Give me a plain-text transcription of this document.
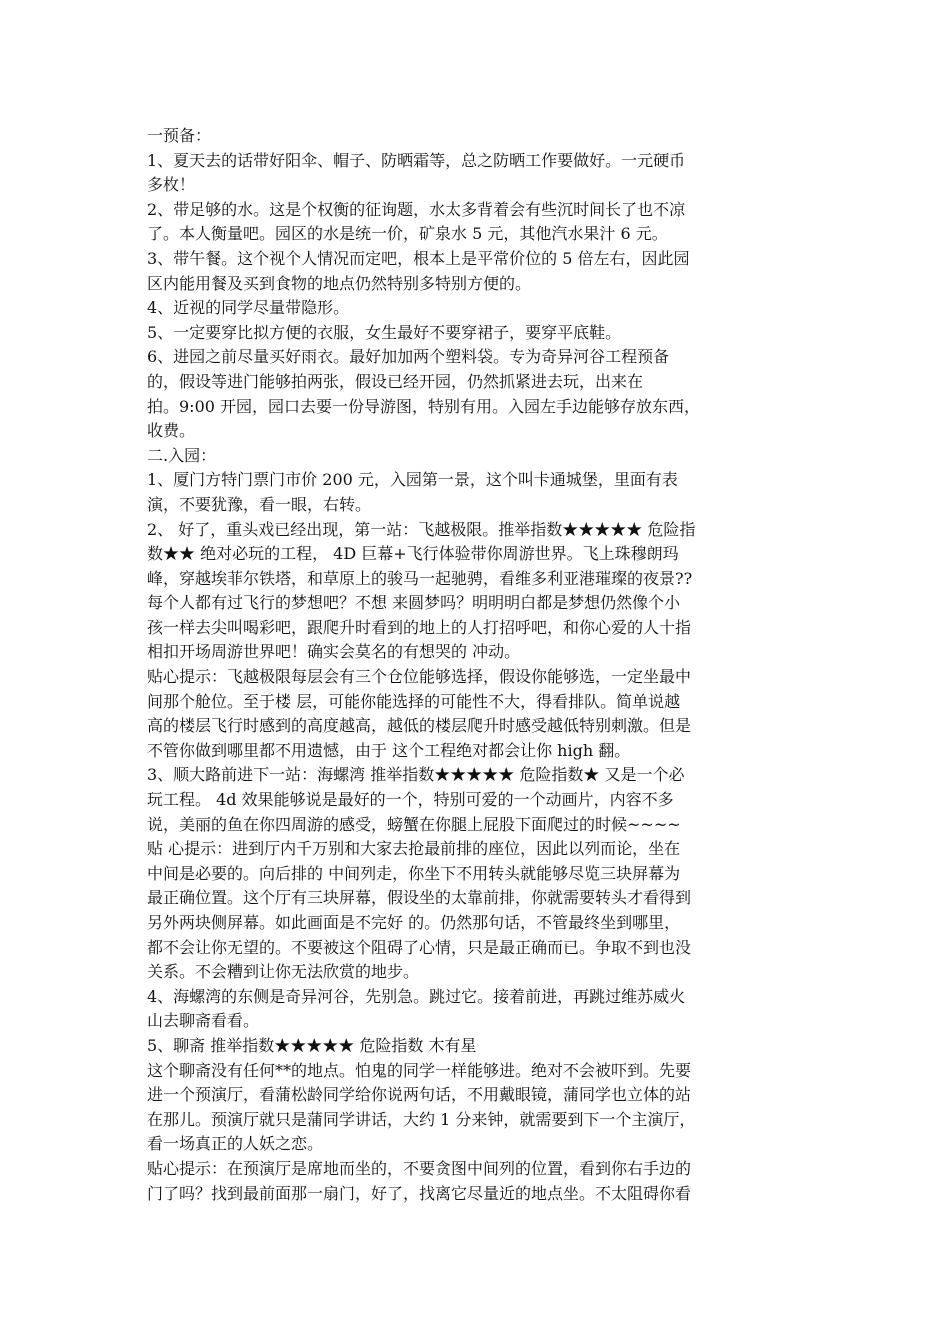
一预备：

1、夏天去的话带好阳伞、帽子、防晒霜等，总之防晒工作要做好。一元硬币
多枚！

2、带足够的水。这是个权衡的征询题，水太多背着会有些沉时间长了也不凉
了。本人衡量吧。园区的水是统一价，矿泉水 5 元，其他汽水果汁 6 元。

3、带午餐。这个视个人情况而定吧，根本上是平常价位的 5 倍左右，因此园
区内能用餐及买到食物的地点仍然特别多特别方便的。

4、近视的同学尽量带隐形。

5、一定要穿比拟方便的衣服，女生最好不要穿裙子，要穿平底鞋。

6、进园之前尽量买好雨衣。最好加加两个塑料袋。专为奇异河谷工程预备
的，假设等进门能够拍两张，假设已经开园，仍然抓紧进去玩，出来在
拍。9:00 开园，园口去要一份导游图，特别有用。入园左手边能够存放东西，
收费。

二.入园：

1、厦门方特门票门市价 200 元，入园第一景，这个叫卡通城堡，里面有表
演，不要犹豫，看一眼，右转。

2、 好了，重头戏已经出现，第一站：飞越极限。推举指数★★★★★ 危险指
数★★ 绝对必玩的工程， 4D 巨幕+飞行体验带你周游世界。飞上珠穆朗玛
峰，穿越埃菲尔铁塔，和草原上的骏马一起驰骋，看维多利亚港璀璨的夜景??
每个人都有过飞行的梦想吧？不想 来圆梦吗？明明明白都是梦想仍然像个小
孩一样去尖叫喝彩吧，跟爬升时看到的地上的人打招呼吧，和你心爱的人十指
相扣开场周游世界吧！确实会莫名的有想哭的 冲动。

贴心提示：飞越极限每层会有三个仓位能够选择，假设你能够选，一定坐最中
间那个舱位。至于楼 层，可能你能选择的可能性不大，得看排队。简单说越
高的楼层飞行时感到的高度越高，越低的楼层爬升时感受越低特别刺激。但是
不管你做到哪里都不用遗憾，由于 这个工程绝对都会让你 high 翻。

3、顺大路前进下一站：海螺湾 推举指数★★★★★ 危险指数★ 又是一个必
玩工程。 4d 效果能够说是最好的一个，特别可爱的一个动画片，内容不多
说，美丽的鱼在你四周游的感受，螃蟹在你腿上屁股下面爬过的时候~~~~
贴 心提示：进到厅内千万别和大家去抢最前排的座位，因此以列而论，坐在
中间是必要的。向后排的 中间列走，你坐下不用转头就能够尽览三块屏幕为
最正确位置。这个厅有三块屏幕，假设坐的太靠前排，你就需要转头才看得到
另外两块侧屏幕。如此画面是不完好 的。仍然那句话，不管最终坐到哪里，
都不会让你无望的。不要被这个阻碍了心情，只是最正确而已。争取不到也没
关系。不会糟到让你无法欣赏的地步。

4、海螺湾的东侧是奇异河谷，先别急。跳过它。接着前进，再跳过维苏威火
山去聊斋看看。

5、聊斋 推举指数★★★★★ 危险指数 木有星

这个聊斋没有任何**的地点。怕鬼的同学一样能够进。绝对不会被吓到。先要
进一个预演厅，看蒲松龄同学给你说两句话，不用戴眼镜，蒲同学也立体的站
在那儿。预演厅就只是蒲同学讲话，大约 1 分来钟，就需要到下一个主演厅，
看一场真正的人妖之恋。

贴心提示：在预演厅是席地而坐的，不要贪图中间列的位置，看到你右手边的
门了吗？找到最前面那一扇门，好了，找离它尽量近的地点坐。不太阻碍你看
